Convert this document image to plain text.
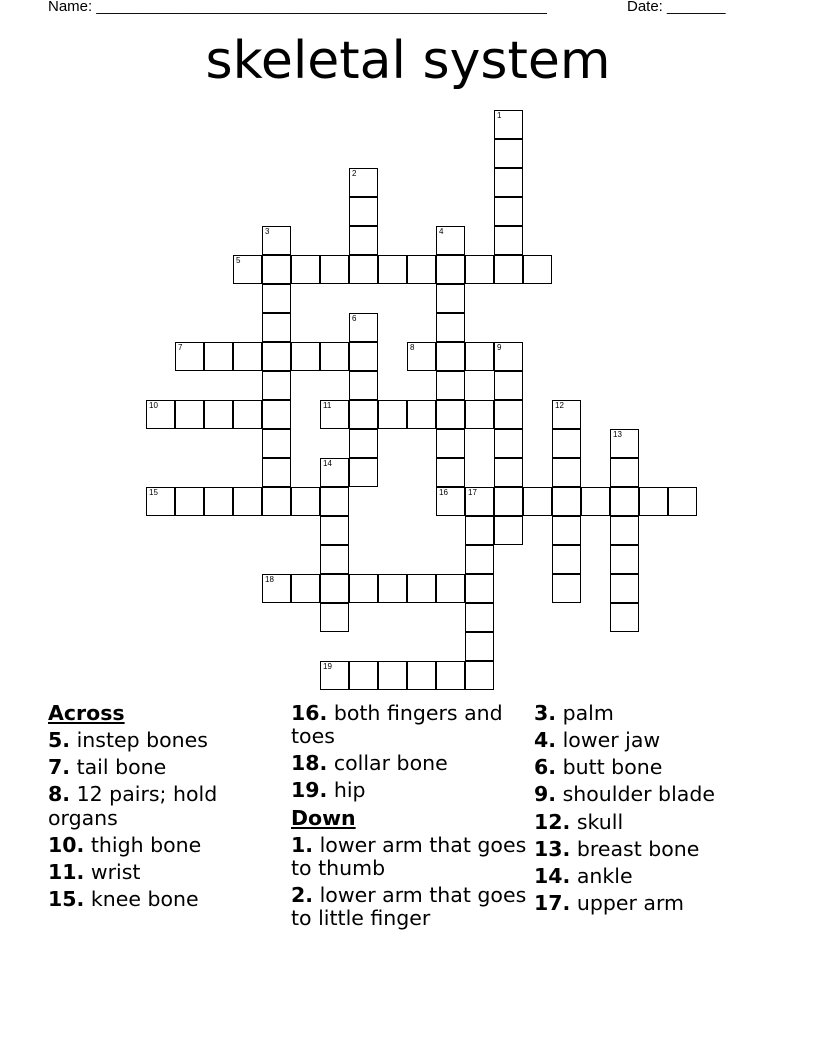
Name: ______________________________________________________	Date: _______
skeletal system
1
2
3	4
5
6
7	8	9
10	11	12
13
14
15	16	17
18
19
Across
5. instep bones
7. tail bone
8. 12 pairs; hold organs
10. thigh bone
11. wrist
15. knee bone
16. both fingers and toes
18. collar bone
19. hip
Down
1. lower arm that goes to thumb
2. lower arm that goes to little finger
3. palm
4. lower jaw
6. butt bone
9. shoulder blade
12. skull
13. breast bone
14. ankle
17. upper arm
